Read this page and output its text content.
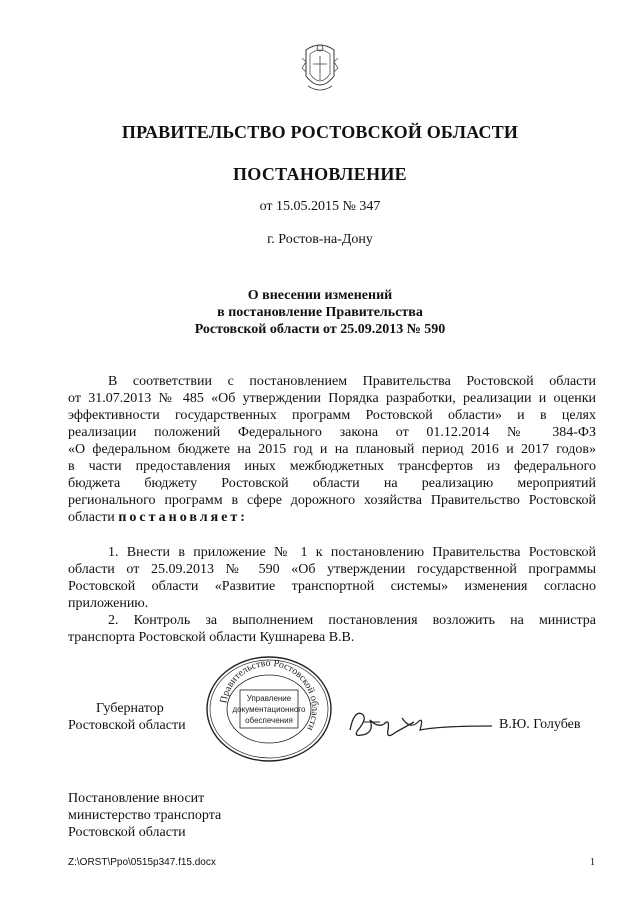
ПРАВИТЕЛЬСТВО РОСТОВСКОЙ ОБЛАСТИ
ПОСТАНОВЛЕНИЕ
от 15.05.2015 № 347
г. Ростов-на-Дону
О внесении изменений
в постановление Правительства
Ростовской области от 25.09.2013 № 590
В соответствии с постановлением Правительства Ростовской области
от 31.07.2013 № 485 «Об утверждении Порядка разработки, реализации и оценки
эффективности государственных программ Ростовской области» и в целях
реализации положений Федерального закона от 01.12.2014 № 384-ФЗ
«О федеральном бюджете на 2015 год и на плановый период 2016 и 2017 годов»
в части предоставления иных межбюджетных трансфертов из федерального
бюджета бюджету Ростовской области на реализацию мероприятий
регионального программ в сфере дорожного хозяйства Правительство Ростовской
области постановляет:
1. Внести в приложение № 1 к постановлению Правительства Ростовской
области от 25.09.2013 № 590 «Об утверждении государственной программы
Ростовской области «Развитие транспортной системы» изменения согласно
приложению.
2. Контроль за выполнением постановления возложить на министра
транспорта Ростовской области Кушнарева В.В.
Губернатор
Ростовской области
Правительство Ростовской области
Управление
документационного
обеспечения	В.Ю. Голубев
Постановление вносит
министерство транспорта
Ростовской области
Z:\ORST\Ppo\0515p347.f15.docx	1
